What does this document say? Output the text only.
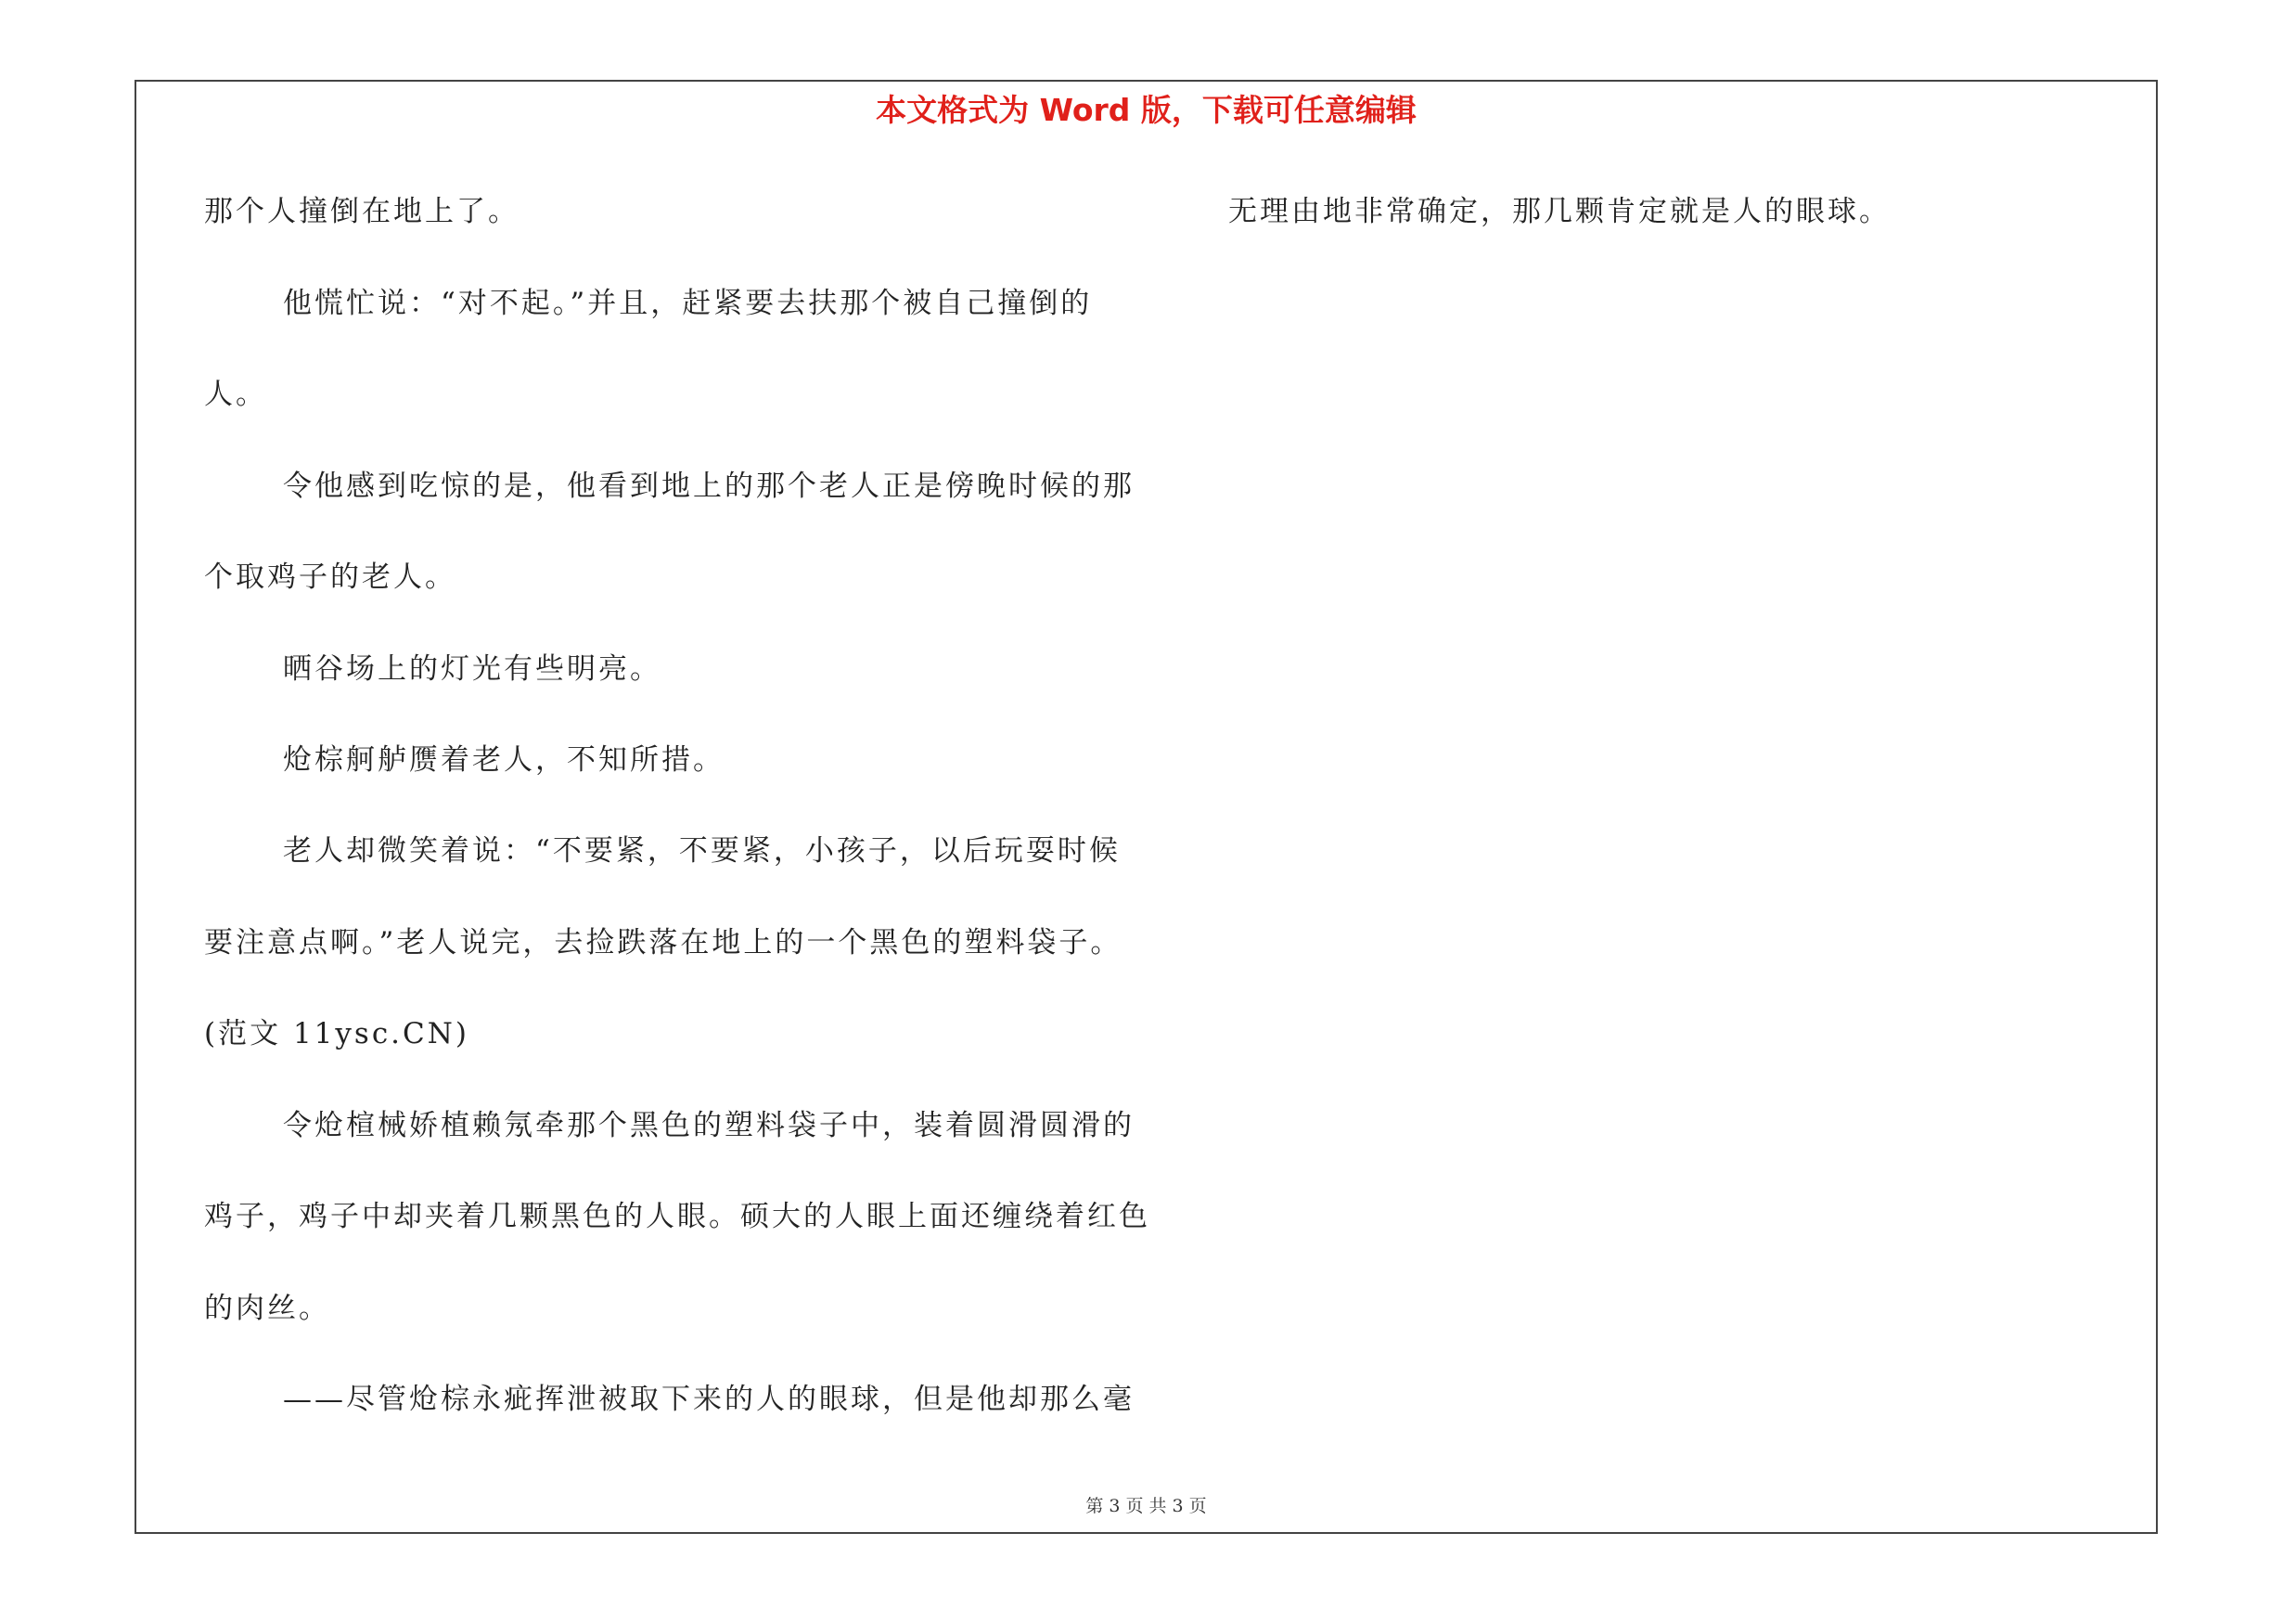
本文格式为 Word 版，下载可任意编辑
那个人撞倒在地上了。
他慌忙说：“对不起。”并且，赶紧要去扶那个被自己撞倒的
人。
令他感到吃惊的是，他看到地上的那个老人正是傍晚时候的那
个取鸡子的老人。
晒谷场上的灯光有些明亮。
炝棕舸舻赝着老人，不知所措。
老人却微笑着说：“不要紧，不要紧，小孩子，以后玩耍时候
要注意点啊。”老人说完，去捡跌落在地上的一个黑色的塑料袋子。
(范文 11ysc.CN)
令炝楦械娇植赖氖牵那个黑色的塑料袋子中，装着圆滑圆滑的
鸡子，鸡子中却夹着几颗黑色的人眼。硕大的人眼上面还缠绕着红色
的肉丝。
——尽管炝棕永疵挥泄被取下来的人的眼球，但是他却那么毫
无理由地非常确定，那几颗肯定就是人的眼球。
第 3 页 共 3 页
